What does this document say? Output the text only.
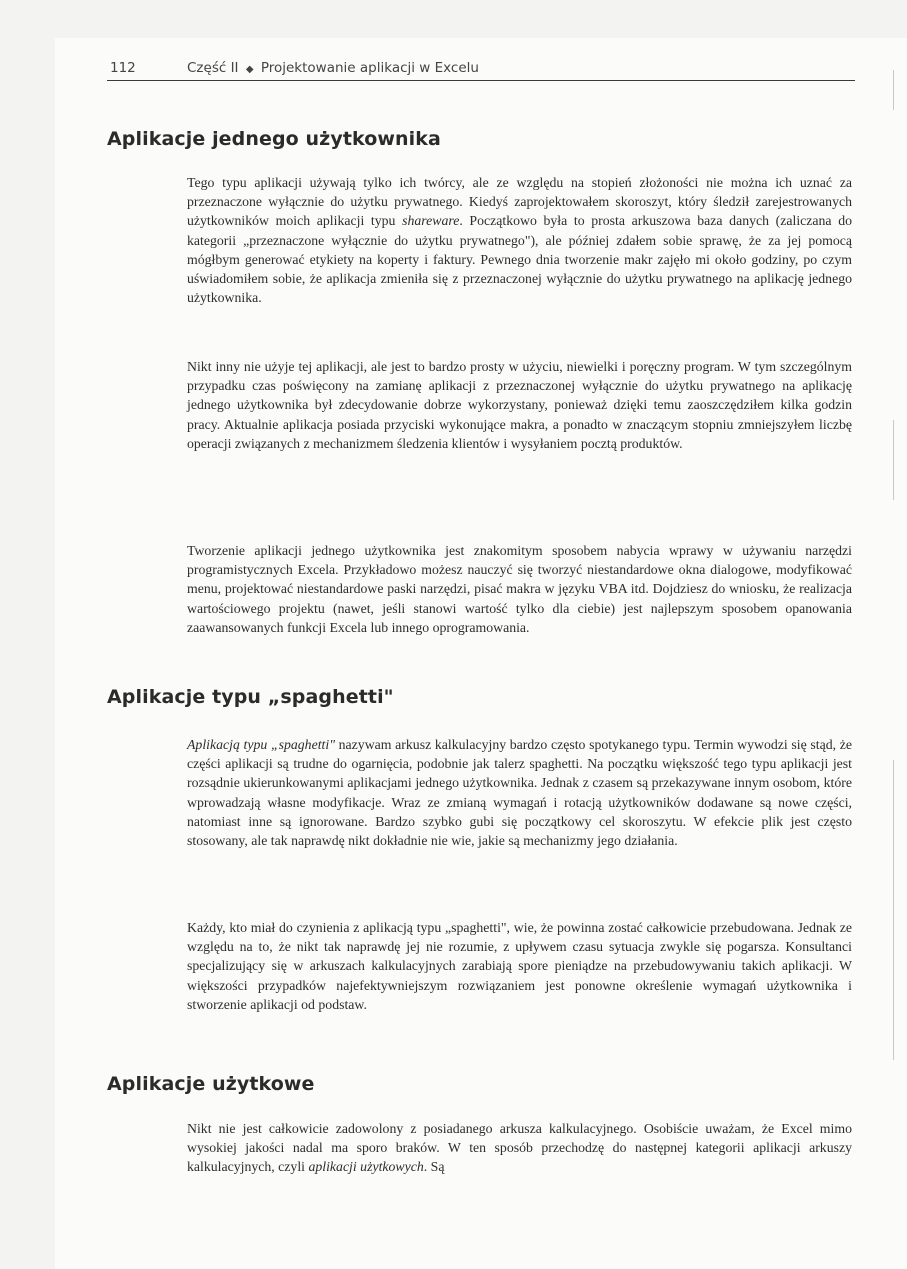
112	Część II ◆ Projektowanie aplikacji w Excelu
Aplikacje jednego użytkownika

Tego typu aplikacji używają tylko ich twórcy, ale ze względu na stopień złożoności nie można ich uznać za przeznaczone wyłącznie do użytku prywatnego. Kiedyś zaprojektowałem skoroszyt, który śledził zarejestrowanych użytkowników moich aplikacji typu shareware. Początkowo była to prosta arkuszowa baza danych (zaliczana do kategorii „przeznaczone wyłącznie do użytku prywatnego"), ale później zdałem sobie sprawę, że za jej pomocą mógłbym generować etykiety na koperty i faktury. Pewnego dnia tworzenie makr zajęło mi około godziny, po czym uświadomiłem sobie, że aplikacja zmieniła się z przeznaczonej wyłącznie do użytku prywatnego na aplikację jednego użytkownika.

Nikt inny nie użyje tej aplikacji, ale jest to bardzo prosty w użyciu, niewielki i poręczny program. W tym szczególnym przypadku czas poświęcony na zamianę aplikacji z przeznaczonej wyłącznie do użytku prywatnego na aplikację jednego użytkownika był zdecydowanie dobrze wykorzystany, ponieważ dzięki temu zaoszczędziłem kilka godzin pracy. Aktualnie aplikacja posiada przyciski wykonujące makra, a ponadto w znaczącym stopniu zmniejszyłem liczbę operacji związanych z mechanizmem śledzenia klientów i wysyłaniem pocztą produktów.

Tworzenie aplikacji jednego użytkownika jest znakomitym sposobem nabycia wprawy w używaniu narzędzi programistycznych Excela. Przykładowo możesz nauczyć się tworzyć niestandardowe okna dialogowe, modyfikować menu, projektować niestandardowe paski narzędzi, pisać makra w języku VBA itd. Dojdziesz do wniosku, że realizacja wartościowego projektu (nawet, jeśli stanowi wartość tylko dla ciebie) jest najlepszym sposobem opanowania zaawansowanych funkcji Excela lub innego oprogramowania.

Aplikacje typu „spaghetti"

Aplikacją typu „spaghetti" nazywam arkusz kalkulacyjny bardzo często spotykanego typu. Termin wywodzi się stąd, że części aplikacji są trudne do ogarnięcia, podobnie jak talerz spaghetti. Na początku większość tego typu aplikacji jest rozsądnie ukierunkowanymi aplikacjami jednego użytkownika. Jednak z czasem są przekazywane innym osobom, które wprowadzają własne modyfikacje. Wraz ze zmianą wymagań i rotacją użytkowników dodawane są nowe części, natomiast inne są ignorowane. Bardzo szybko gubi się początkowy cel skoroszytu. W efekcie plik jest często stosowany, ale tak naprawdę nikt dokładnie nie wie, jakie są mechanizmy jego działania.

Każdy, kto miał do czynienia z aplikacją typu „spaghetti", wie, że powinna zostać całkowicie przebudowana. Jednak ze względu na to, że nikt tak naprawdę jej nie rozumie, z upływem czasu sytuacja zwykle się pogarsza. Konsultanci specjalizujący się w arkuszach kalkulacyjnych zarabiają spore pieniądze na przebudowywaniu takich aplikacji. W większości przypadków najefektywniejszym rozwiązaniem jest ponowne określenie wymagań użytkownika i stworzenie aplikacji od podstaw.

Aplikacje użytkowe

Nikt nie jest całkowicie zadowolony z posiadanego arkusza kalkulacyjnego. Osobiście uważam, że Excel mimo wysokiej jakości nadal ma sporo braków. W ten sposób przechodzę do następnej kategorii aplikacji arkuszy kalkulacyjnych, czyli aplikacji użytkowych. Są
